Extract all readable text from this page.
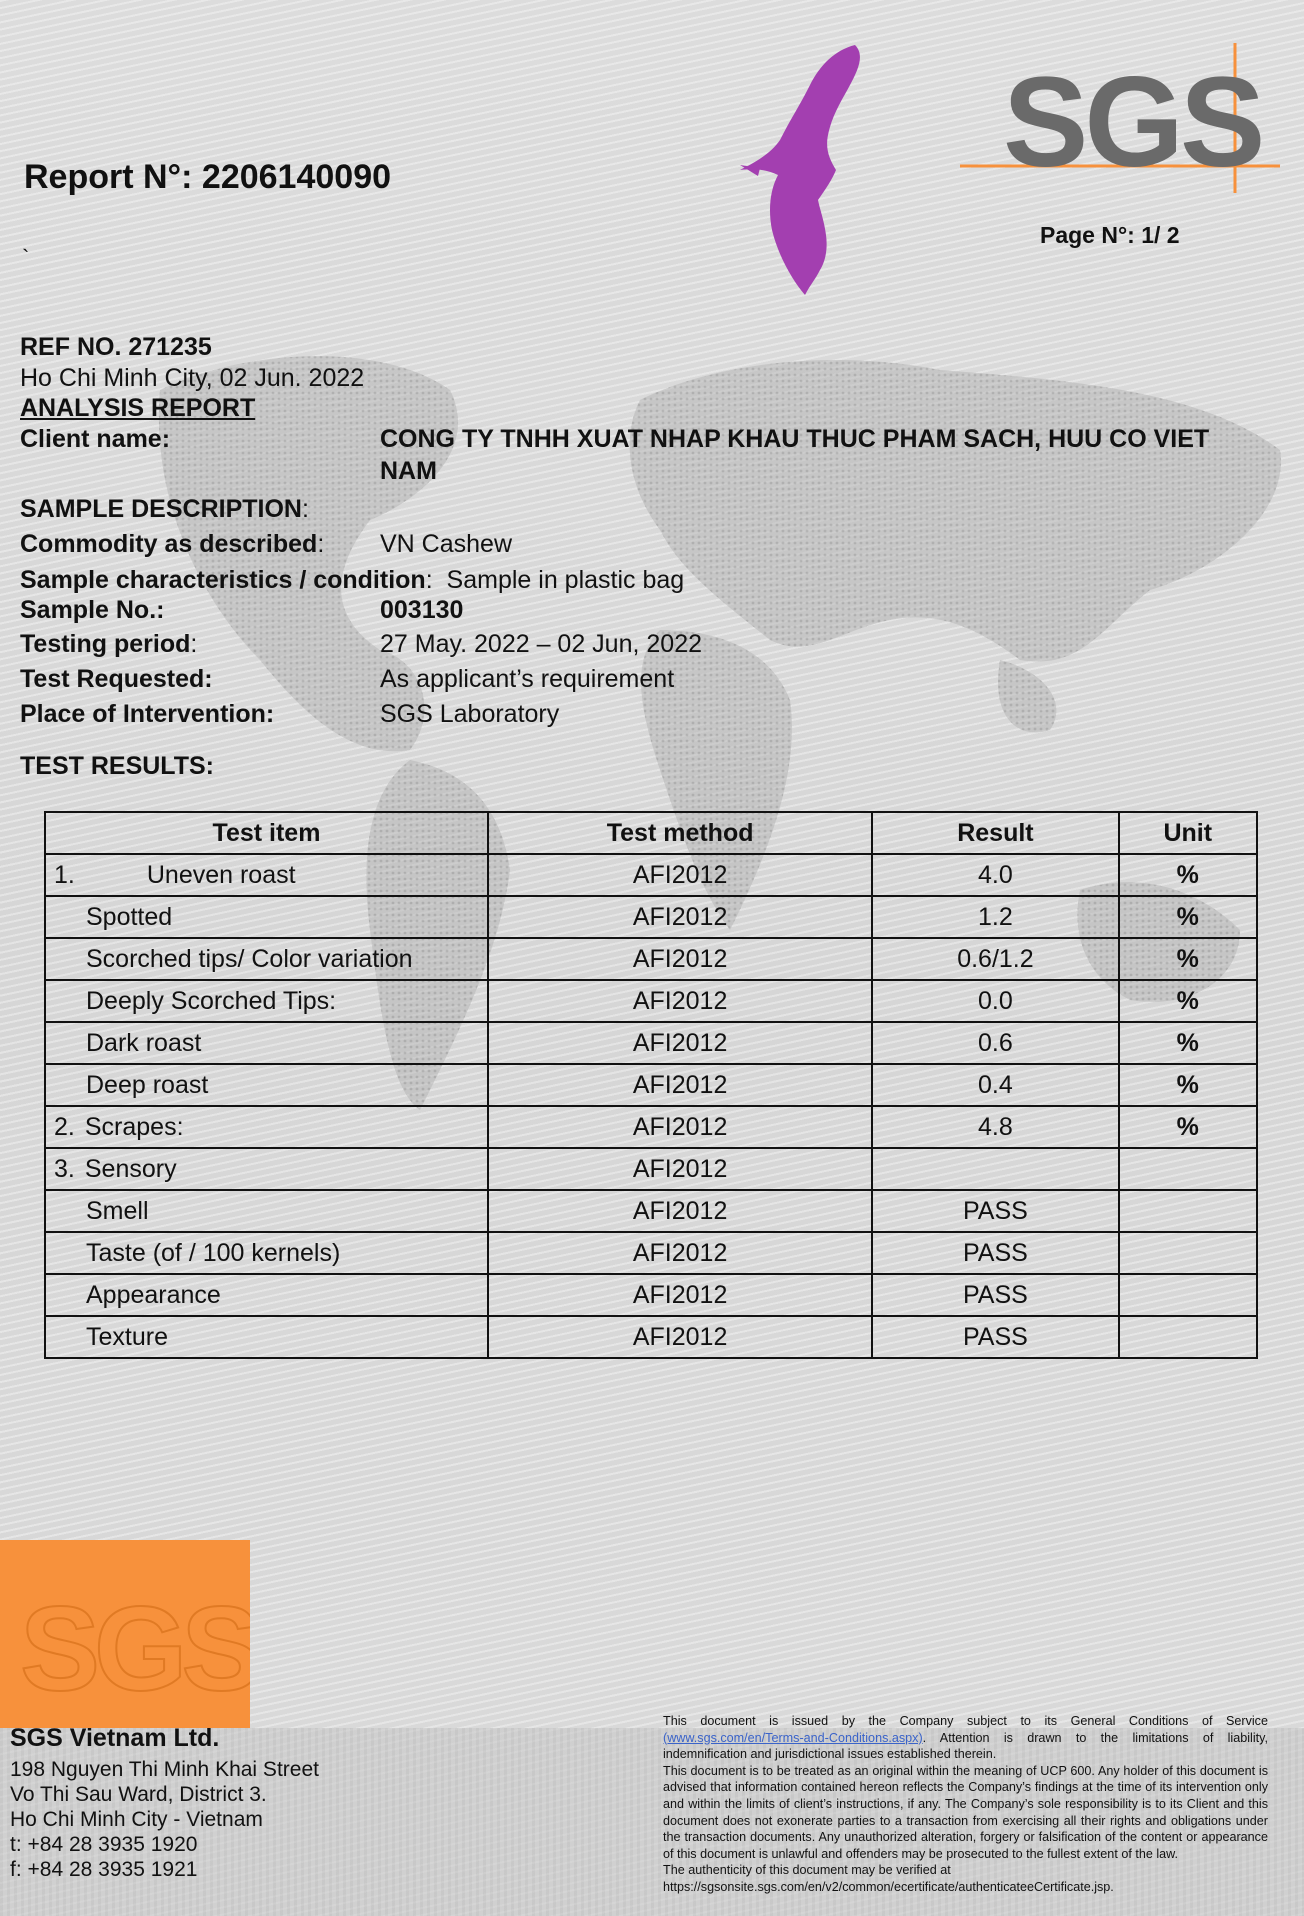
Report N°: 2206140090
`
Page N°: 1/ 2
SGS
REF NO. 271235
Ho Chi Minh City, 02 Jun. 2022
ANALYSIS REPORT
Client name:	CONG TY TNHH XUAT NHAP KHAU THUC PHAM SACH, HUU CO VIET
NAM
SAMPLE DESCRIPTION:
Commodity as described: VN Cashew
Sample characteristics / condition:  Sample in plastic bag
Sample No.:	003130
Testing period:	27 May. 2022 – 02 Jun, 2022
Test Requested:	As applicant’s requirement
Place of Intervention:	SGS Laboratory
TEST RESULTS:
Test item	Test method	Result	Unit
1. Uneven roast	AFI2012	4.0	%
Spotted	AFI2012	1.2	%
Scorched tips/ Color variation	AFI2012	0.6/1.2	%
Deeply Scorched Tips:	AFI2012	0.0	%
Dark roast	AFI2012	0.6	%
Deep roast	AFI2012	0.4	%
2. Scrapes:	AFI2012	4.8	%
3. Sensory	AFI2012		
Smell	AFI2012	PASS	
Taste (of / 100 kernels)	AFI2012	PASS	
Appearance	AFI2012	PASS	
Texture	AFI2012	PASS	
SGS
SGS Vietnam Ltd.
198 Nguyen Thi Minh Khai Street
Vo Thi Sau Ward, District 3.
Ho Chi Minh City - Vietnam
t: +84 28 3935 1920
f: +84 28 3935 1921

This document is issued by the Company subject to its General Conditions of Service (www.sgs.com/en/Terms-and-Conditions.aspx). Attention is drawn to the limitations of liability, indemnification and jurisdictional issues established therein.

This document is to be treated as an original within the meaning of UCP 600. Any holder of this document is advised that information contained hereon reflects the Company’s findings at the time of its intervention only and within the limits of client’s instructions, if any. The Company’s sole responsibility is to its Client and this document does not exonerate parties to a transaction from exercising all their rights and obligations under the transaction documents. Any unauthorized alteration, forgery or falsification of the content or appearance of this document is unlawful and offenders may be prosecuted to the fullest extent of the law.

The authenticity of this document may be verified at

https://sgsonsite.sgs.com/en/v2/common/ecertificate/authenticateeCertificate.jsp.
